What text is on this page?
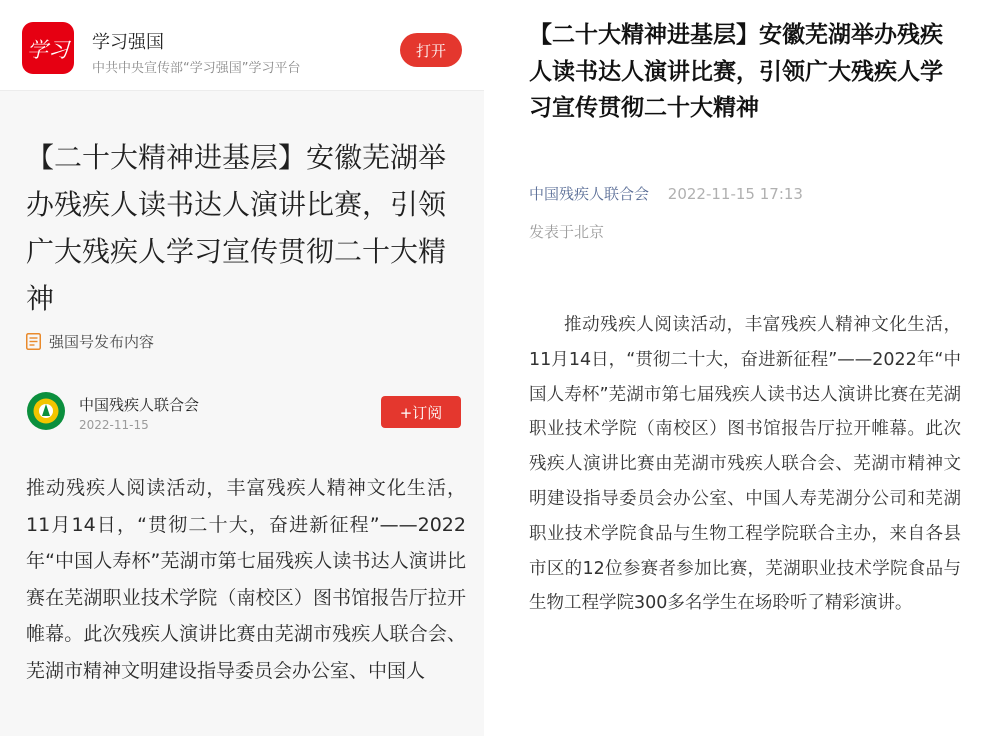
学习 学习强国
中共中央宣传部“学习强国”学习平台
打开
【二十大精神进基层】安徽芜湖举办残疾人读书达人演讲比赛，引领广大残疾人学习宣传贯彻二十大精神
强国号发布内容
中国残疾人联合会
2022-11-15
+订阅

推动残疾人阅读活动，丰富残疾人精神文化生活，11月14日，“贯彻二十大，奋进新征程”——2022年“中国人寿杯”芜湖市第七届残疾人读书达人演讲比赛在芜湖职业技术学院（南校区）图书馆报告厅拉开帷幕。此次残疾人演讲比赛由芜湖市残疾人联合会、芜湖市精神文明建设指导委员会办公室、中国人

【二十大精神进基层】安徽芜湖举办残疾人读书达人演讲比赛，引领广大残疾人学习宣传贯彻二十大精神
中国残疾人联合会 2022-11-15 17:13
发表于北京

推动残疾人阅读活动，丰富残疾人精神文化生活，11月14日，“贯彻二十大，奋进新征程”——2022年“中国人寿杯”芜湖市第七届残疾人读书达人演讲比赛在芜湖职业技术学院（南校区）图书馆报告厅拉开帷幕。此次残疾人演讲比赛由芜湖市残疾人联合会、芜湖市精神文明建设指导委员会办公室、中国人寿芜湖分公司和芜湖职业技术学院食品与生物工程学院联合主办，来自各县市区的12位参赛者参加比赛，芜湖职业技术学院食品与生物工程学院300多名学生在场聆听了精彩演讲。
